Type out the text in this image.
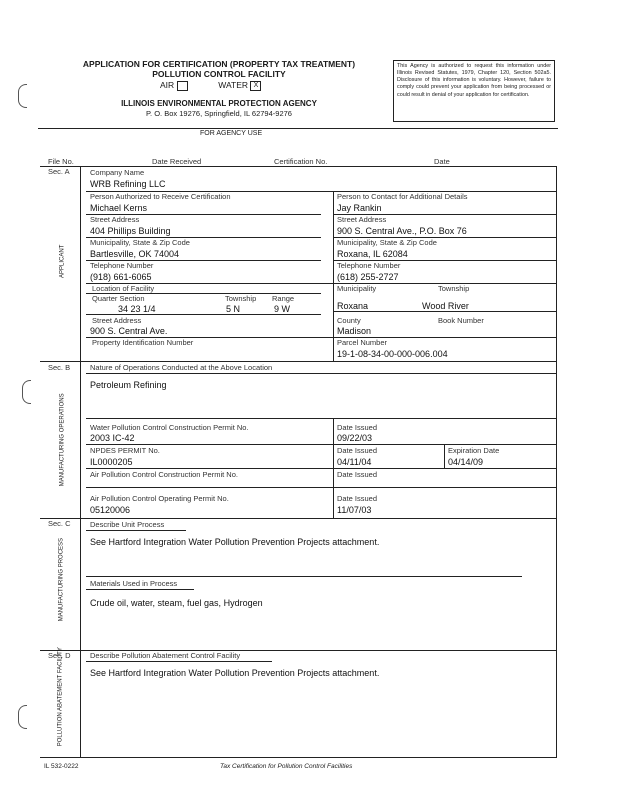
APPLICATION FOR CERTIFICATION (PROPERTY TAX TREATMENT)
POLLUTION CONTROL FACILITY
AIR	WATER X
ILLINOIS ENVIRONMENTAL PROTECTION AGENCY
P. O. Box 19276, Springfield, IL 62794-9276
This Agency is authorized to request this information under Illinois Revised Statutes, 1979, Chapter 120, Section 502a5. Disclosure of this information is voluntary. However, failure to comply could prevent your application from being processed or could result in denial of your application for certification.
FOR AGENCY USE
File No.	Date Received	Certification No.	Date
Sec. A
APPLICANT
Company Name
WRB Refining LLC
Person Authorized to Receive Certification
Michael Kerns
Person to Contact for Additional Details
Jay Rankin
Street Address
404 Phillips Building
Street Address
900 S. Central Ave., P.O. Box 76
Municipality, State & Zip Code
Bartlesville, OK 74004
Municipality, State & Zip Code
Roxana, IL 62084
Telephone Number
(918) 661-6065
Telephone Number
(618) 255-2727
Location of Facility	Municipality	Township
Quarter Section	Township Range
34 23 1/4	5 N	9 W	Roxana	Wood River
Street Address
900 S. Central Ave.
County
Madison
Book Number
Property Identification Number	Parcel Number
19-1-08-34-00-000-006.004
Sec. B
MANUFACTURING OPERATIONS
Nature of Operations Conducted at the Above Location
Petroleum Refining
Water Pollution Control Construction Permit No.
2003 IC-42
Date Issued
09/22/03
NPDES PERMIT No.
IL0000205
Date Issued
04/11/04
Expiration Date
04/14/09
Air Pollution Control Construction Permit No.	Date Issued
Air Pollution Control Operating Permit No.
05120006
Date Issued
11/07/03
Sec. C
MANUFACTURING PROCESS
Describe Unit Process
See Hartford Integration Water Pollution Prevention Projects attachment.
Materials Used in Process
Crude oil, water, steam, fuel gas, Hydrogen
Sec. D
POLLUTION ABATEMENT FACILITY	Describe Pollution Abatement Control Facility
See Hartford Integration Water Pollution Prevention Projects attachment.
IL 532-0222	Tax Certification for Pollution Control Facilities
